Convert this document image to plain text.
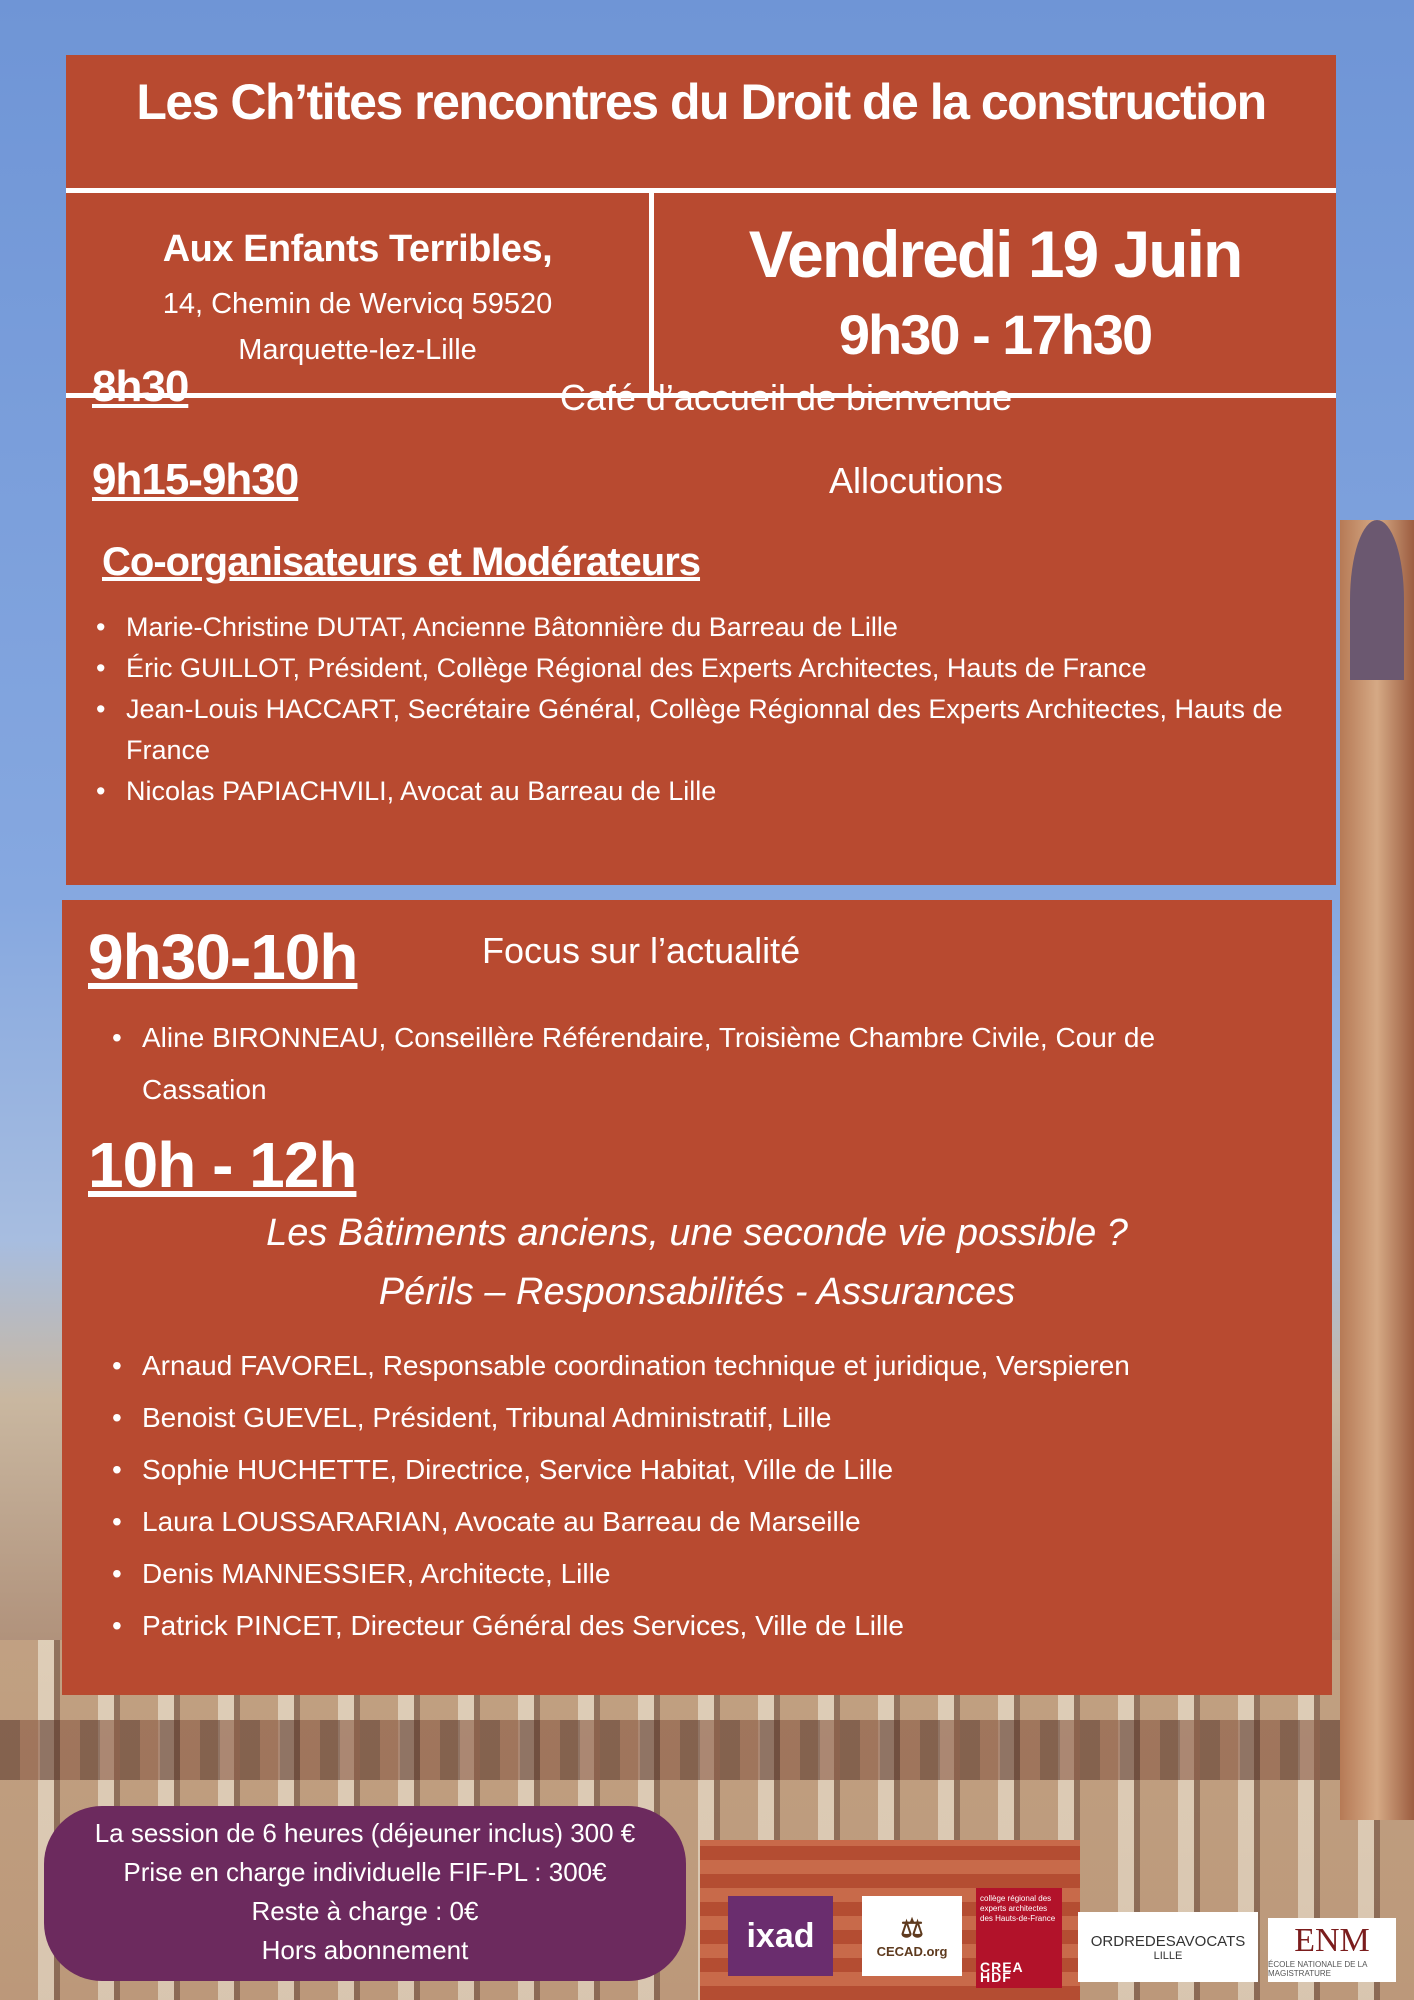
Les Ch’tites rencontres du Droit de la construction
Aux Enfants Terribles,
14, Chemin de Wervicq 59520
Marquette-lez-Lille
Vendredi 19 Juin
9h30 - 17h30
8h30	Café d’accueil de bienvenue
9h15-9h30	Allocutions
Co-organisateurs et Modérateurs
• Marie-Christine DUTAT, Ancienne Bâtonnière du Barreau de Lille
• Éric GUILLOT, Président, Collège Régional des Experts Architectes, Hauts de France
• Jean-Louis HACCART, Secrétaire Général, Collège Régionnal des Experts Architectes, Hauts de France
• Nicolas PAPIACHVILI, Avocat au Barreau de Lille
9h30-10h	Focus sur l’actualité
• Aline BIRONNEAU, Conseillère Référendaire, Troisième Chambre Civile, Cour de Cassation
10h - 12h
Les Bâtiments anciens, une seconde vie possible ?
Périls – Responsabilités - Assurances
• Arnaud FAVOREL, Responsable coordination technique et juridique, Verspieren
• Benoist GUEVEL, Président, Tribunal Administratif, Lille
• Sophie HUCHETTE, Directrice, Service Habitat, Ville de Lille
• Laura LOUSSARARIAN, Avocate au Barreau de Marseille
• Denis MANNESSIER, Architecte, Lille
• Patrick PINCET, Directeur Général des Services, Ville de Lille
La session de 6 heures (déjeuner inclus) 300 €
Prise en charge individuelle FIF-PL : 300€
Reste à charge : 0€
Hors abonnement	ixad	⚖
CECAD.org
collège régional des experts architectes des Hauts-de-France
CREA HDF
ORDREDESAVOCATS
LILLE	ENM
ÉCOLE NATIONALE DE LA MAGISTRATURE
